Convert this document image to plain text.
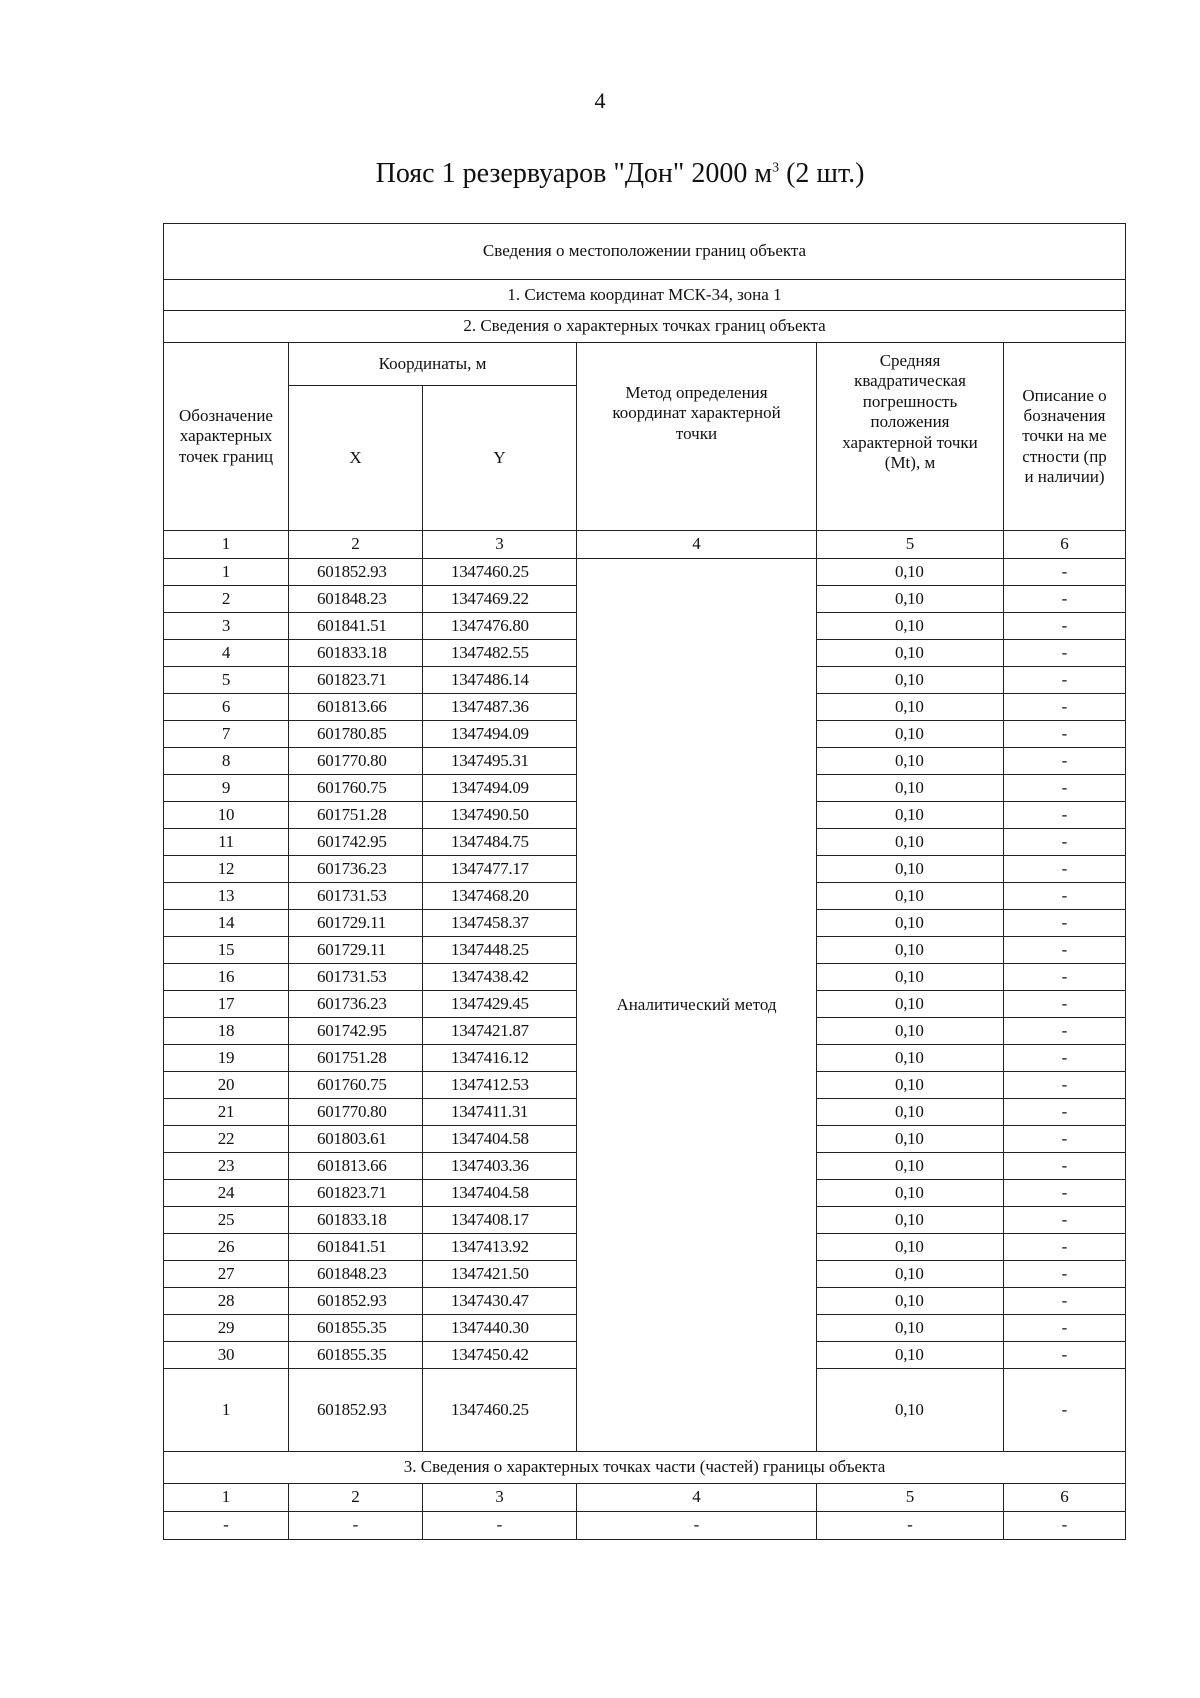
4
Пояс 1 резервуаров "Дон" 2000 $м^3$ (2 шт.)
Сведения о местоположении границ объекта					

1. Система координат МСК-34, зона 1					
2. Сведения о характерных точках границ объекта					

Обозначение характерных точек границ	Координаты, м		Метод определения координат характерной точки	Средняя квадратическая погрешность положения характерной точки (Mt), м	Описание обозначения точки на местности (при наличии)

	X	Y			
1	2	3	4	5	6
1	601852.93	1347460.25	Аналитический метод	0,10	-
2	601848.23	1347469.22		0,10	-
3	601841.51	1347476.80		0,10	-
4	601833.18	1347482.55		0,10	-
5	601823.71	1347486.14		0,10	-
6	601813.66	1347487.36		0,10	-
7	601780.85	1347494.09		0,10	-
8	601770.80	1347495.31		0,10	-
9	601760.75	1347494.09		0,10	-
10	601751.28	1347490.50		0,10	-
11	601742.95	1347484.75		0,10	-
12	601736.23	1347477.17		0,10	-
13	601731.53	1347468.20		0,10	-
14	601729.11	1347458.37		0,10	-
15	601729.11	1347448.25		0,10	-
16	601731.53	1347438.42		0,10	-
17	601736.23	1347429.45		0,10	-
18	601742.95	1347421.87		0,10	-
19	601751.28	1347416.12		0,10	-
20	601760.75	1347412.53		0,10	-
21	601770.80	1347411.31		0,10	-
22	601803.61	1347404.58		0,10	-
23	601813.66	1347403.36		0,10	-
24	601823.71	1347404.58		0,10	-
25	601833.18	1347408.17		0,10	-
26	601841.51	1347413.92		0,10	-
27	601848.23	1347421.50		0,10	-
28	601852.93	1347430.47		0,10	-
29	601855.35	1347440.30		0,10	-
30	601855.35	1347450.42		0,10	-
1	601852.93	1347460.25		0,10	-
3. Сведения о характерных точках части (частей) границы объекта					
1	2	3	4	5	6
-	-	-	-	-	-
